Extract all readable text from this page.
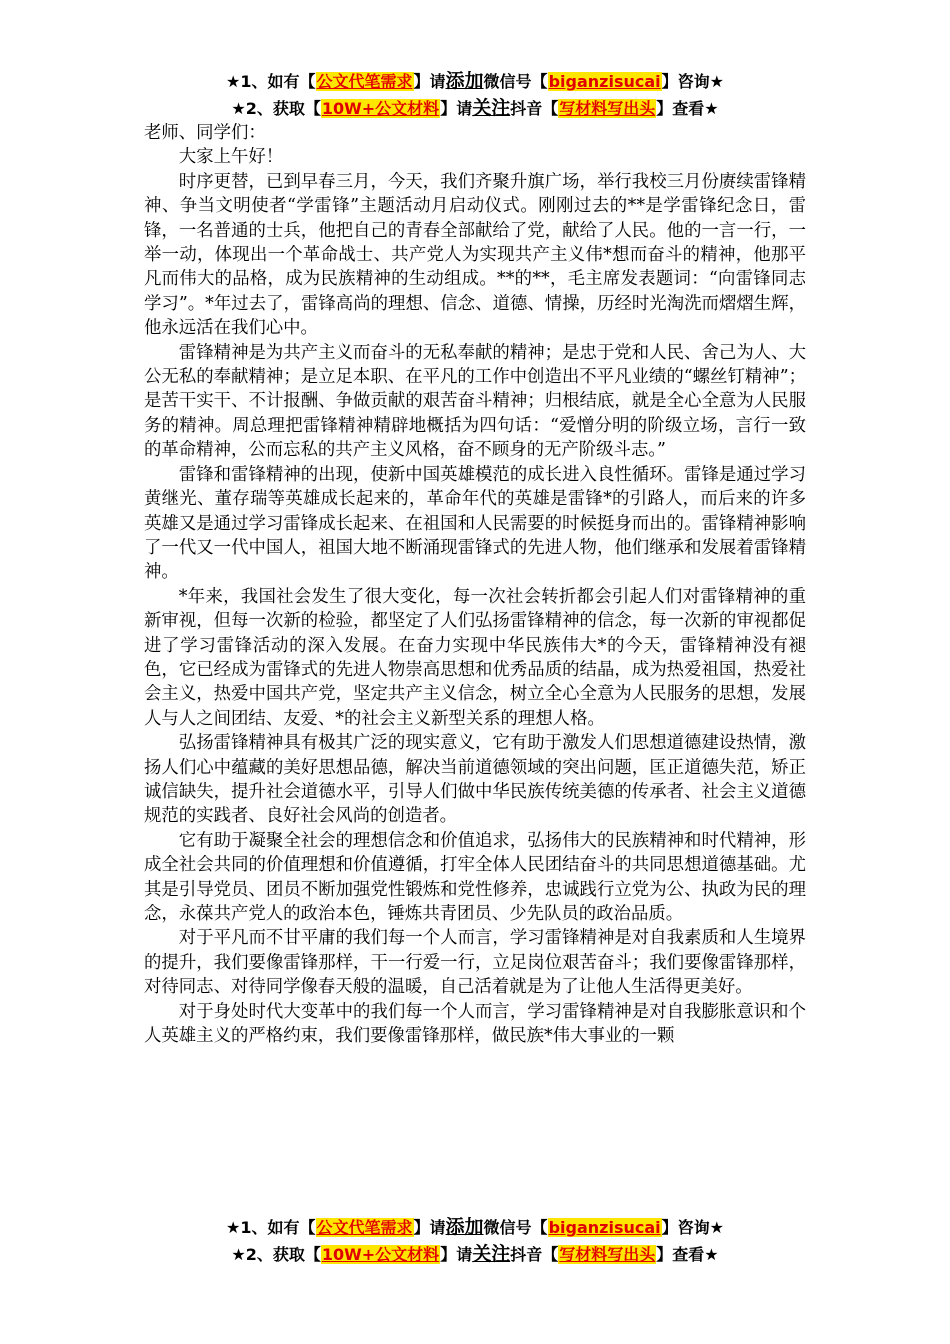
★1、如有【公文代笔需求】请添加微信号【biganzisucai】咨询★
★2、获取【10W+公文材料】请关注抖音【写材料写出头】查看★

老师、同学们：

大家上午好！

时序更替，已到早春三月，今天，我们齐聚升旗广场，举行我校三月份赓续雷锋精神、争当文明使者“学雷锋”主题活动月启动仪式。刚刚过去的**是学雷锋纪念日，雷锋，一名普通的士兵，他把自己的青春全部献给了党，献给了人民。他的一言一行，一举一动，体现出一个革命战士、共产党人为实现共产主义伟*想而奋斗的精神，他那平凡而伟大的品格，成为民族精神的生动组成。**的**，毛主席发表题词：“向雷锋同志学习”。*年过去了，雷锋高尚的理想、信念、道德、情操，历经时光淘洗而熠熠生辉，他永远活在我们心中。

雷锋精神是为共产主义而奋斗的无私奉献的精神；是忠于党和人民、舍己为人、大公无私的奉献精神；是立足本职、在平凡的工作中创造出不平凡业绩的“螺丝钉精神”；是苦干实干、不计报酬、争做贡献的艰苦奋斗精神；归根结底，就是全心全意为人民服务的精神。周总理把雷锋精神精辟地概括为四句话：“爱憎分明的阶级立场，言行一致的革命精神，公而忘私的共产主义风格，奋不顾身的无产阶级斗志。”

雷锋和雷锋精神的出现，使新中国英雄模范的成长进入良性循环。雷锋是通过学习黄继光、董存瑞等英雄成长起来的，革命年代的英雄是雷锋*的引路人，而后来的许多英雄又是通过学习雷锋成长起来、在祖国和人民需要的时候挺身而出的。雷锋精神影响了一代又一代中国人，祖国大地不断涌现雷锋式的先进人物，他们继承和发展着雷锋精神。

*年来，我国社会发生了很大变化，每一次社会转折都会引起人们对雷锋精神的重新审视，但每一次新的检验，都坚定了人们弘扬雷锋精神的信念，每一次新的审视都促进了学习雷锋活动的深入发展。在奋力实现中华民族伟大*的今天，雷锋精神没有褪色，它已经成为雷锋式的先进人物崇高思想和优秀品质的结晶，成为热爱祖国，热爱社会主义，热爱中国共产党，坚定共产主义信念，树立全心全意为人民服务的思想，发展人与人之间团结、友爱、*的社会主义新型关系的理想人格。

弘扬雷锋精神具有极其广泛的现实意义，它有助于激发人们思想道德建设热情，激扬人们心中蕴藏的美好思想品德，解决当前道德领域的突出问题，匡正道德失范，矫正诚信缺失，提升社会道德水平，引导人们做中华民族传统美德的传承者、社会主义道德规范的实践者、良好社会风尚的创造者。

它有助于凝聚全社会的理想信念和价值追求，弘扬伟大的民族精神和时代精神，形成全社会共同的价值理想和价值遵循，打牢全体人民团结奋斗的共同思想道德基础。尤其是引导党员、团员不断加强党性锻炼和党性修养，忠诚践行立党为公、执政为民的理念，永葆共产党人的政治本色，锤炼共青团员、少先队员的政治品质。

对于平凡而不甘平庸的我们每一个人而言，学习雷锋精神是对自我素质和人生境界的提升，我们要像雷锋那样，干一行爱一行，立足岗位艰苦奋斗；我们要像雷锋那样，对待同志、对待同学像春天般的温暖，自己活着就是为了让他人生活得更美好。

对于身处时代大变革中的我们每一个人而言，学习雷锋精神是对自我膨胀意识和个人英雄主义的严格约束，我们要像雷锋那样，做民族*伟大事业的一颗

★1、如有【公文代笔需求】请添加微信号【biganzisucai】咨询★
★2、获取【10W+公文材料】请关注抖音【写材料写出头】查看★
